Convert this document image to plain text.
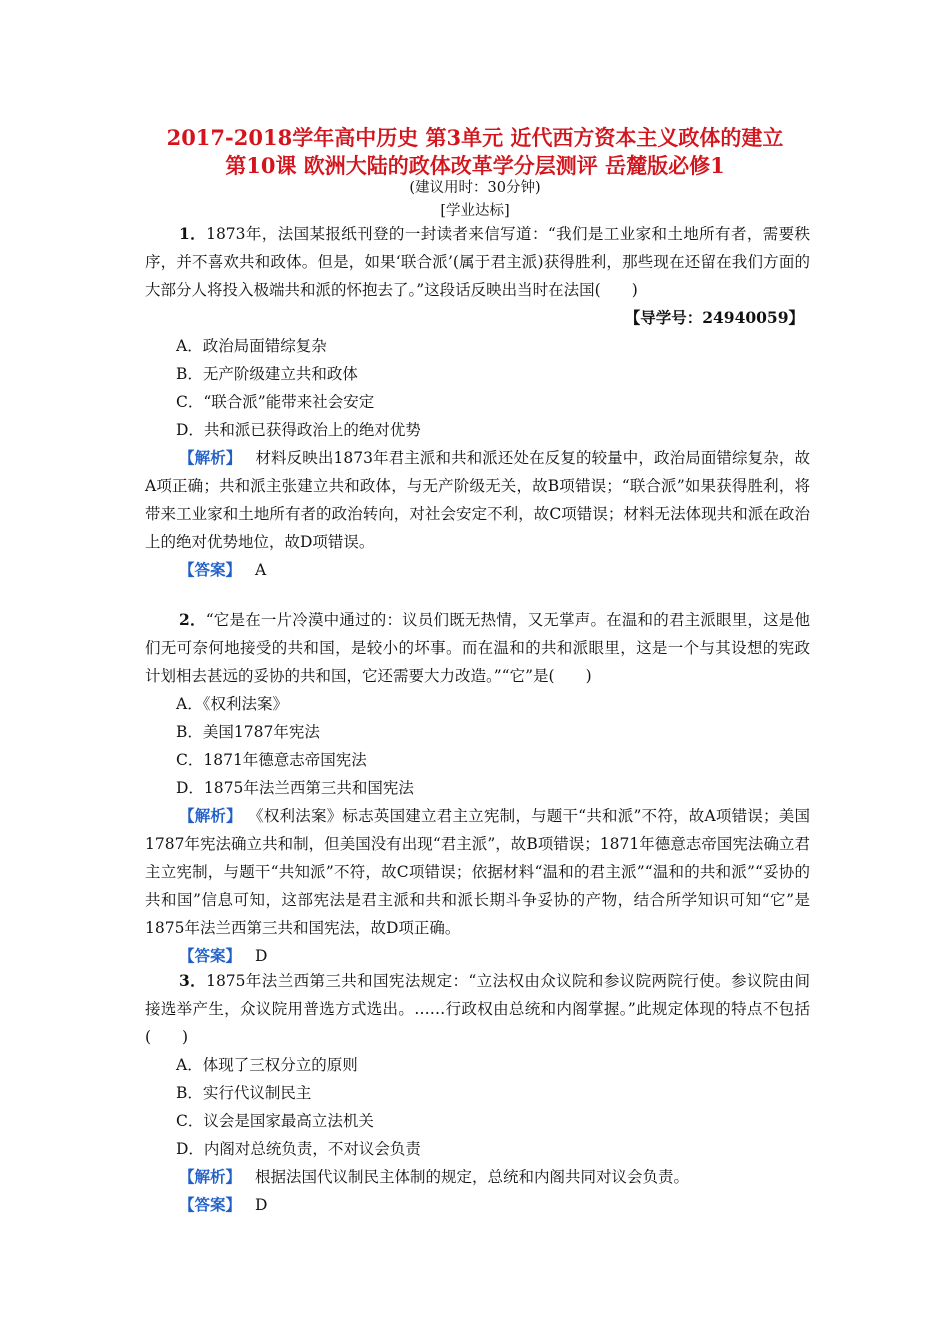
2017-2018学年高中历史 第3单元 近代西方资本主义政体的建立
第10课 欧洲大陆的政体改革学分层测评 岳麓版必修1
(建议用时：30分钟)
[学业达标]

1．1873年，法国某报纸刊登的一封读者来信写道：“我们是工业家和土地所有者，需要秩序，并不喜欢共和政体。但是，如果‘联合派’(属于君主派)获得胜利，那些现在还留在我们方面的大部分人将投入极端共和派的怀抱去了。”这段话反映出当时在法国(　　)

【导学号：24940059】

A．政治局面错综复杂

B．无产阶级建立共和政体

C．“联合派”能带来社会安定

D．共和派已获得政治上的绝对优势

【解析】 材料反映出1873年君主派和共和派还处在反复的较量中，政治局面错综复杂，故A项正确；共和派主张建立共和政体，与无产阶级无关，故B项错误；“联合派”如果获得胜利，将带来工业家和土地所有者的政治转向，对社会安定不利，故C项错误；材料无法体现共和派在政治上的绝对优势地位，故D项错误。

【答案】 A

2．“它是在一片冷漠中通过的：议员们既无热情，又无掌声。在温和的君主派眼里，这是他们无可奈何地接受的共和国，是较小的坏事。而在温和的共和派眼里，这是一个与其设想的宪政计划相去甚远的妥协的共和国，它还需要大力改造。”“它”是(　　)

A．《权利法案》

B．美国1787年宪法

C．1871年德意志帝国宪法

D．1875年法兰西第三共和国宪法

【解析】 《权利法案》标志英国建立君主立宪制，与题干“共和派”不符，故A项错误；美国1787年宪法确立共和制，但美国没有出现“君主派”，故B项错误；1871年德意志帝国宪法确立君主立宪制，与题干“共知派”不符，故C项错误；依据材料“温和的君主派”“温和的共和派”“妥协的共和国”信息可知，这部宪法是君主派和共和派长期斗争妥协的产物，结合所学知识可知“它”是1875年法兰西第三共和国宪法，故D项正确。

【答案】 D

3．1875年法兰西第三共和国宪法规定：“立法权由众议院和参议院两院行使。参议院由间接选举产生，众议院用普选方式选出。……行政权由总统和内阁掌握。”此规定体现的特点不包括(　　)

A．体现了三权分立的原则

B．实行代议制民主

C．议会是国家最高立法机关

D．内阁对总统负责，不对议会负责

【解析】 根据法国代议制民主体制的规定，总统和内阁共同对议会负责。

【答案】 D
